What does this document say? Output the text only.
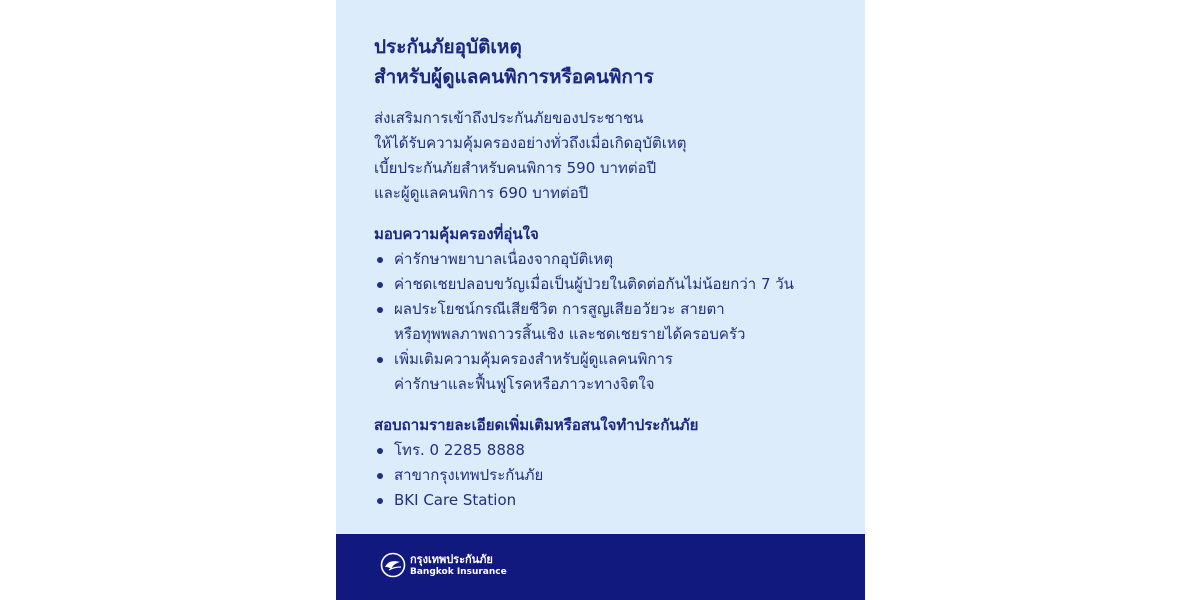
ประกันภัยอุบัติเหตุ
สำหรับผู้ดูแลคนพิการหรือคนพิการ

ส่งเสริมการเข้าถึงประกันภัยของประชาชน
ให้ได้รับความคุ้มครองอย่างทั่วถึงเมื่อเกิดอุบัติเหตุ
เบี้ยประกันภัยสำหรับคนพิการ 590 บาทต่อปี
และผู้ดูแลคนพิการ 690 บาทต่อปี

มอบความคุ้มครองที่อุ่นใจ
ค่ารักษาพยาบาลเนื่องจากอุบัติเหตุ
ค่าชดเชยปลอบขวัญเมื่อเป็นผู้ป่วยในติดต่อกันไม่น้อยกว่า 7 วัน
ผลประโยชน์กรณีเสียชีวิต การสูญเสียอวัยวะ สายตา
หรือทุพพลภาพถาวรสิ้นเชิง และชดเชยรายได้ครอบครัว
เพิ่มเติมความคุ้มครองสำหรับผู้ดูแลคนพิการ
ค่ารักษาและฟื้นฟูโรคหรือภาวะทางจิตใจ
สอบถามรายละเอียดเพิ่มเติมหรือสนใจทำประกันภัย
โทร. 0 2285 8888
สาขากรุงเทพประกันภัย
BKI Care Station
กรุงเทพประกันภัย
Bangkok Insurance
